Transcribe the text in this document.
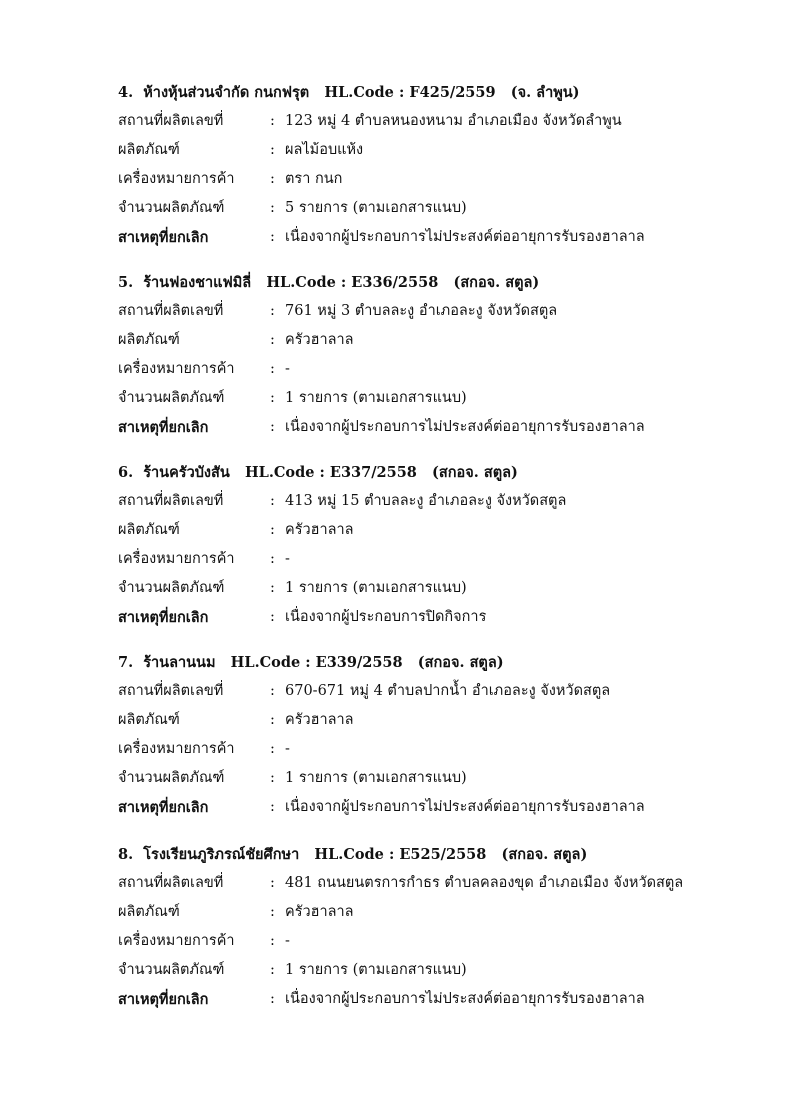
4. ห้างหุ้นส่วนจำกัด กนกฟรุต HL.Code : F425/2559 (จ. ลำพูน)
สถานที่ผลิตเลขที่	: 123 หมู่ 4 ตำบลหนองหนาม อำเภอเมือง จังหวัดลำพูน
ผลิตภัณฑ์	: ผลไม้อบแห้ง
เครื่องหมายการค้า : ตรา กนก
จำนวนผลิตภัณฑ์	: 5 รายการ (ตามเอกสารแนบ)
สาเหตุที่ยกเลิก	: เนื่องจากผู้ประกอบการไม่ประสงค์ต่ออายุการรับรองฮาลาล
5. ร้านฟองชาแฟมิลี่ HL.Code : E336/2558 (สกอจ. สตูล)
สถานที่ผลิตเลขที่	: 761 หมู่ 3 ตำบลละงู อำเภอละงู จังหวัดสตูล
ผลิตภัณฑ์	: ครัวฮาลาล
เครื่องหมายการค้า : -
จำนวนผลิตภัณฑ์	: 1 รายการ (ตามเอกสารแนบ)
สาเหตุที่ยกเลิก	: เนื่องจากผู้ประกอบการไม่ประสงค์ต่ออายุการรับรองฮาลาล
6. ร้านครัวบังสัน HL.Code : E337/2558 (สกอจ. สตูล)
สถานที่ผลิตเลขที่	: 413 หมู่ 15 ตำบลละงู อำเภอละงู จังหวัดสตูล
ผลิตภัณฑ์	: ครัวฮาลาล
เครื่องหมายการค้า : -
จำนวนผลิตภัณฑ์	: 1 รายการ (ตามเอกสารแนบ)
สาเหตุที่ยกเลิก	: เนื่องจากผู้ประกอบการปิดกิจการ
7. ร้านลานนม HL.Code : E339/2558 (สกอจ. สตูล)
สถานที่ผลิตเลขที่	: 670-671 หมู่ 4 ตำบลปากน้ำ อำเภอละงู จังหวัดสตูล
ผลิตภัณฑ์	: ครัวฮาลาล
เครื่องหมายการค้า : -
จำนวนผลิตภัณฑ์	: 1 รายการ (ตามเอกสารแนบ)
สาเหตุที่ยกเลิก	: เนื่องจากผู้ประกอบการไม่ประสงค์ต่ออายุการรับรองฮาลาล
8. โรงเรียนภูริภรณ์ชัยศึกษา HL.Code : E525/2558 (สกอจ. สตูล)
สถานที่ผลิตเลขที่	: 481 ถนนยนตรการกำธร ตำบลคลองขุด อำเภอเมือง จังหวัดสตูล
ผลิตภัณฑ์	: ครัวฮาลาล
เครื่องหมายการค้า : -
จำนวนผลิตภัณฑ์	: 1 รายการ (ตามเอกสารแนบ)
สาเหตุที่ยกเลิก	: เนื่องจากผู้ประกอบการไม่ประสงค์ต่ออายุการรับรองฮาลาล
